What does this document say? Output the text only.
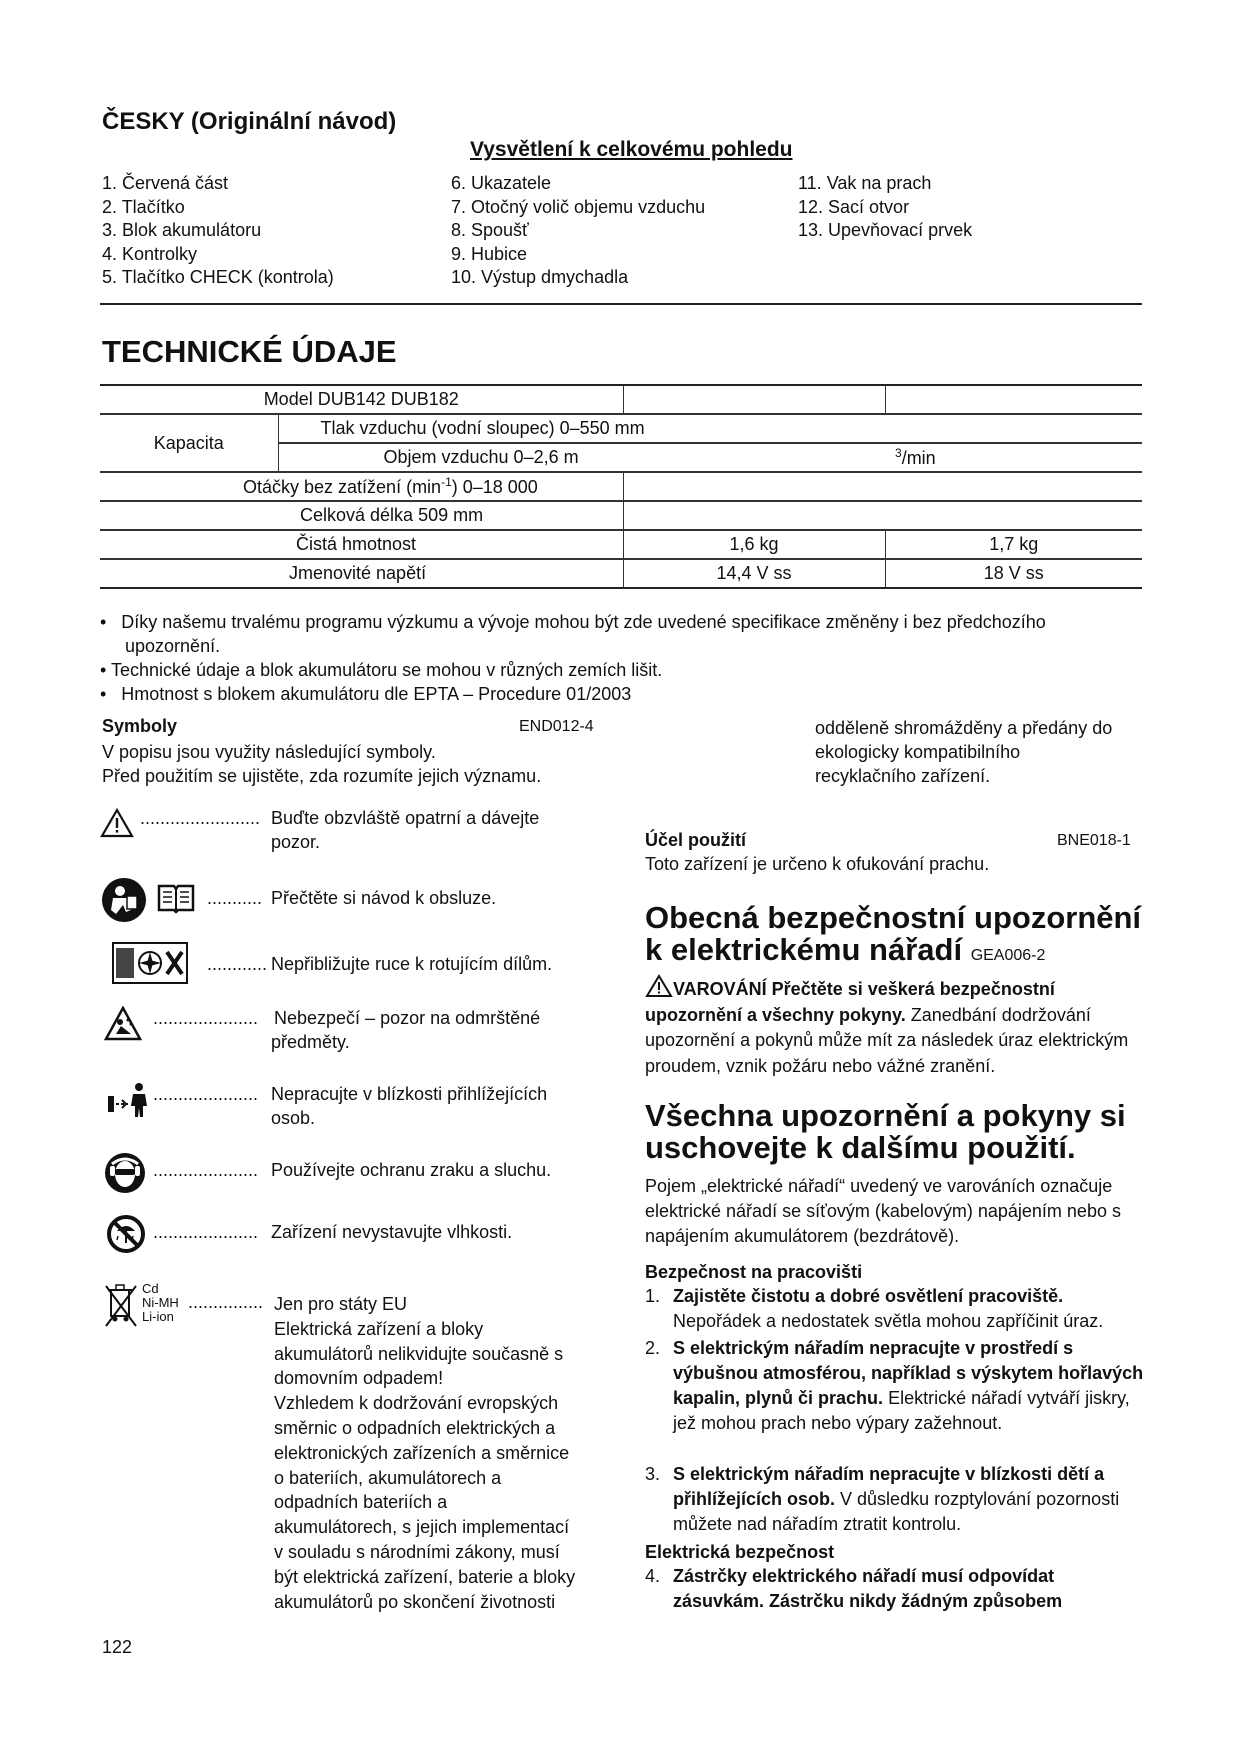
ČESKY (Originální návod)
Vysvětlení k celkovému pohledu
1. Červená část
2. Tlačítko
3. Blok akumulátoru
4. Kontrolky
5. Tlačítko CHECK (kontrola)
6. Ukazatele
7. Otočný volič objemu vzduchu
8. Spoušť
9. Hubice
10. Výstup dmychadla
11. Vak na prach
12. Sací otvor
13. Upevňovací prvek
TECHNICKÉ ÚDAJE
Model DUB142 DUB182			
Kapacita	Tlak vzduchu (vodní sloupec) 0–550 mm		
	Objem vzduchu 0–2,6 m		$^3$/min
Otáčky bez zatížení $(\min^{-1})$ 0–18 000			
Celková délka 509 mm			
Čistá hmotnost		1,6 kg	1,7 kg
Jmenovité napětí		14,4 V ss	18 V ss
•   Díky našemu trvalému programu výzkumu a vývoje mohou být zde uvedené specifikace změněny i bez předchozího
upozornění.
• Technické údaje a blok akumulátoru se mohou v různých zemích lišit.
•   Hmotnost s blokem akumulátoru dle EPTA – Procedure 01/2003
Symboly	END012-4
V popisu jsou využity následující symboly.
Před použitím se ujistěte, zda rozumíte jejich významu.
........................ Buďte obzvláště opatrní a dávejte
pozor.
........... Přečtěte si návod k obsluze.
............ Nepřibližujte ruce k rotujícím dílům.
..................... Nebezpečí – pozor na odmrštěné
předměty.
..................... Nepracujte v blízkosti přihlížejících
osob.
..................... Používejte ochranu zraku a sluchu.
..................... Zařízení nevystavujte vlhkosti.
Cd
Ni-MH
Li-ion
............... Jen pro státy EU
Elektrická zařízení a bloky
akumulátorů nelikvidujte současně s
domovním odpadem!
Vzhledem k dodržování evropských
směrnic o odpadních elektrických a
elektronických zařízeních a směrnice
o bateriích, akumulátorech a
odpadních bateriích a
akumulátorech, s jejich implementací
v souladu s národními zákony, musí
být elektrická zařízení, baterie a bloky
akumulátorů po skončení životnosti
odděleně shromážděny a předány do
ekologicky kompatibilního
recyklačního zařízení.
Účel použití	BNE018-1
Toto zařízení je určeno k ofukování prachu.
Obecná bezpečnostní upozornění
k elektrickému nářadí GEA006-2
VAROVÁNÍ Přečtěte si veškerá bezpečnostní upozornění a všechny pokyny. Zanedbání dodržování upozornění a pokynů může mít za následek úraz elektrickým proudem, vznik požáru nebo vážné zranění.
Všechna upozornění a pokyny si
uschovejte k dalšímu použití.
Pojem „elektrické nářadí“ uvedený ve varováních označuje elektrické nářadí se síťovým (kabelovým) napájením nebo s napájením akumulátorem (bezdrátově).
Bezpečnost na pracovišti
1. Zajistěte čistotu a dobré osvětlení pracoviště. Nepořádek a nedostatek světla mohou zapříčinit úraz.
2. S elektrickým nářadím nepracujte v prostředí s výbušnou atmosférou, například s výskytem hořlavých kapalin, plynů či prachu. Elektrické nářadí vytváří jiskry, jež mohou prach nebo výpary zažehnout.
3. S elektrickým nářadím nepracujte v blízkosti dětí a přihlížejících osob. V důsledku rozptylování pozornosti můžete nad nářadím ztratit kontrolu.
Elektrická bezpečnost
4. Zástrčky elektrického nářadí musí odpovídat zásuvkám. Zástrčku nikdy žádným způsobem
122
